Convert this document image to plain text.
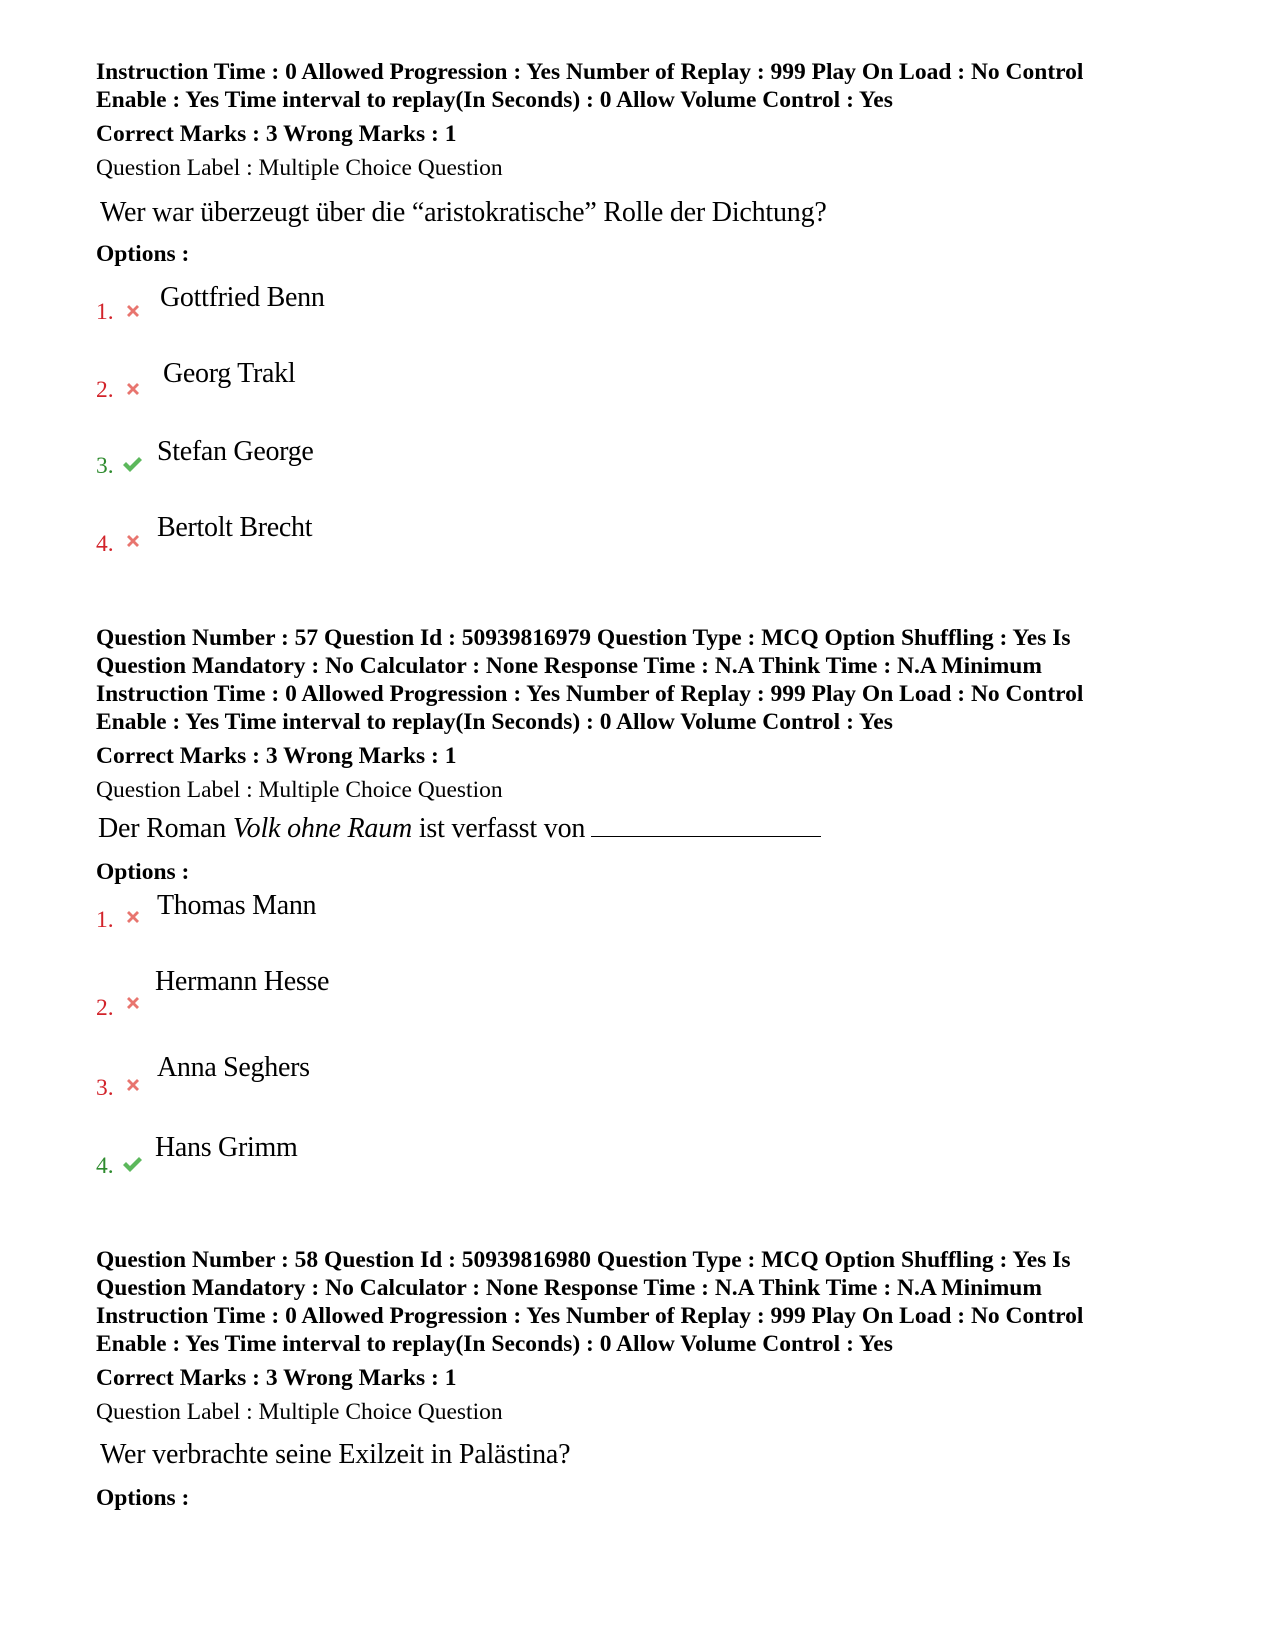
Instruction Time : 0 Allowed Progression : Yes Number of Replay : 999 Play On Load : No Control

Enable : Yes Time interval to replay(In Seconds) : 0 Allow Volume Control : Yes

Correct Marks : 3 Wrong Marks : 1
Question Label : Multiple Choice Question
Wer war überzeugt über die “aristokratische” Rolle der Dichtung?
Options :
1. Gottfried Benn
2.
Georg Trakl
3. Stefan George
4.
Bertolt Brecht

Question Number : 57 Question Id : 50939816979 Question Type : MCQ Option Shuffling : Yes Is

Question Mandatory : No Calculator : None Response Time : N.A Think Time : N.A Minimum

Instruction Time : 0 Allowed Progression : Yes Number of Replay : 999 Play On Load : No Control

Enable : Yes Time interval to replay(In Seconds) : 0 Allow Volume Control : Yes

Correct Marks : 3 Wrong Marks : 1
Question Label : Multiple Choice Question
Der Roman Volk ohne Raum ist verfasst von
Options :
1. Thomas Mann
2.
Hermann Hesse
3.
Anna Seghers
4.
Hans Grimm

Question Number : 58 Question Id : 50939816980 Question Type : MCQ Option Shuffling : Yes Is

Question Mandatory : No Calculator : None Response Time : N.A Think Time : N.A Minimum

Instruction Time : 0 Allowed Progression : Yes Number of Replay : 999 Play On Load : No Control

Enable : Yes Time interval to replay(In Seconds) : 0 Allow Volume Control : Yes

Correct Marks : 3 Wrong Marks : 1
Question Label : Multiple Choice Question
Wer verbrachte seine Exilzeit in Palästina?
Options :
